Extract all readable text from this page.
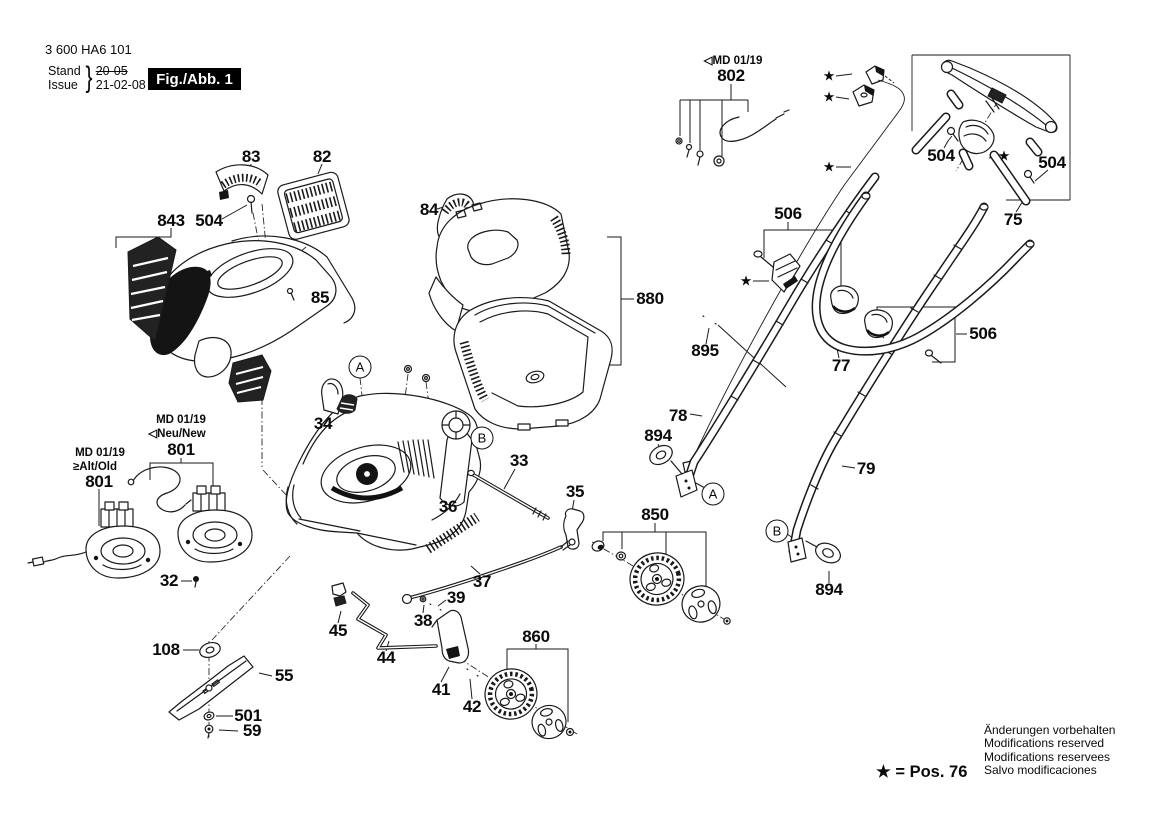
83	82
843 504
84
85	880
34
33
35
36
37
39
38
45
44
41
42
860
850
108
55
501
59
32
801
801
802
506
506
504	504
75
895
77
78
894
79
894
◁MD 01/19
MD 01/19
◁Neu/New
MD 01/19
≥Alt/Old
A
B
A
B
★
★
★
★
★
3 600 HA6 101
Stand
Issue } 20-05
21-02-08 Fig./Abb. 1
★ = Pos. 76
Änderungen vorbehalten
Modifications reserved
Modifications reservees
Salvo modificaciones
